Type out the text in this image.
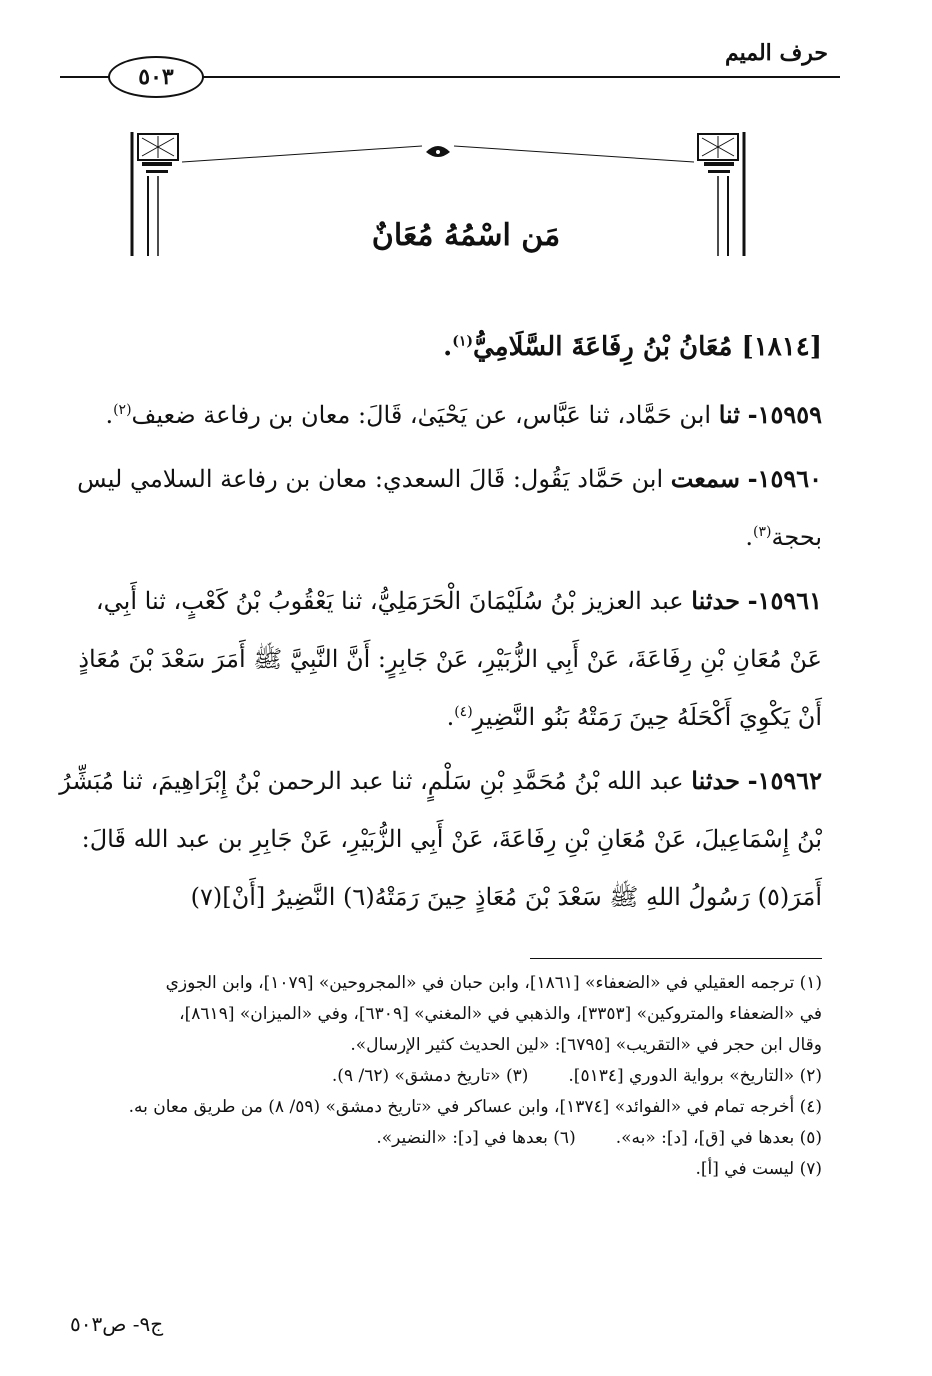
حرف الميم
٥٠٣
مَن اسْمُهُ مُعَانٌ
[١٨١٤] مُعَانُ بْنُ رِفَاعَةَ السَّلَامِيُّ$^{(١)}$.

١٥٩٥٩- ثنا ابن حَمَّاد، ثنا عَبَّاس، عن يَحْيَىٰ، قَالَ: معان بن رفاعة ضعيف$^{(٢)}$.

١٥٩٦٠- سمعت ابن حَمَّاد يَقُول: قَالَ السعدي: معان بن رفاعة السلامي ليس بحجة$^{(٣)}$.

١٥٩٦١- حدثنا عبد العزيز بْنُ سُلَيْمَانَ الْحَرَمَلِيُّ، ثنا يَعْقُوبُ بْنُ كَعْبٍ، ثنا أَبِي، عَنْ مُعَانِ بْنِ رِفَاعَةَ، عَنْ أَبِي الزُّبَيْرِ، عَنْ جَابِرٍ: أَنَّ النَّبِيَّ ﷺ أَمَرَ سَعْدَ بْنَ مُعَاذٍ أَنْ يَكْوِيَ أَكْحَلَهُ حِينَ رَمَتْهُ بَنُو النَّضِيرِ$^{(٤)}$.

١٥٩٦٢- حدثنا عبد الله بْنُ مُحَمَّدِ بْنِ سَلْمٍ، ثنا عبد الرحمن بْنُ إِبْرَاهِيمَ، ثنا مُبَشِّرُ بْنُ إِسْمَاعِيلَ، عَنْ مُعَانِ بْنِ رِفَاعَةَ، عَنْ أَبِي الزُّبَيْرِ، عَنْ جَابِرِ بن عبد الله قَالَ: أَمَرَ(٥) رَسُولُ اللهِ ﷺ سَعْدَ بْنَ مُعَاذٍ حِينَ رَمَتْهُ(٦) النَّضِيرُ [أَنْ](٧)

(١) ترجمه العقيلي في «الضعفاء» [١٨٦١]، وابن حبان في «المجروحين» [١٠٧٩]، وابن الجوزي

في «الضعفاء والمتروكين» [٣٣٥٣]، والذهبي في «المغني» [٦٣٠٩]، وفي «الميزان» [٨٦١٩]،

وقال ابن حجر في «التقريب» [٦٧٩٥]: «لين الحديث كثير الإرسال».

(٢) «التاريخ» برواية الدوري [٥١٣٤].
(٣) «تاريخ دمشق» (٦٢/ ٩).

(٤) أخرجه تمام في «الفوائد» [١٣٧٤]، وابن عساكر في «تاريخ دمشق» (٥٩/ ٨) من طريق معان به.

(٥) بعدها في [ق]، [د]: «به».
(٦) بعدها في [د]: «النضير».

(٧) ليست في [أ].

ج٩- ص٥٠٣
